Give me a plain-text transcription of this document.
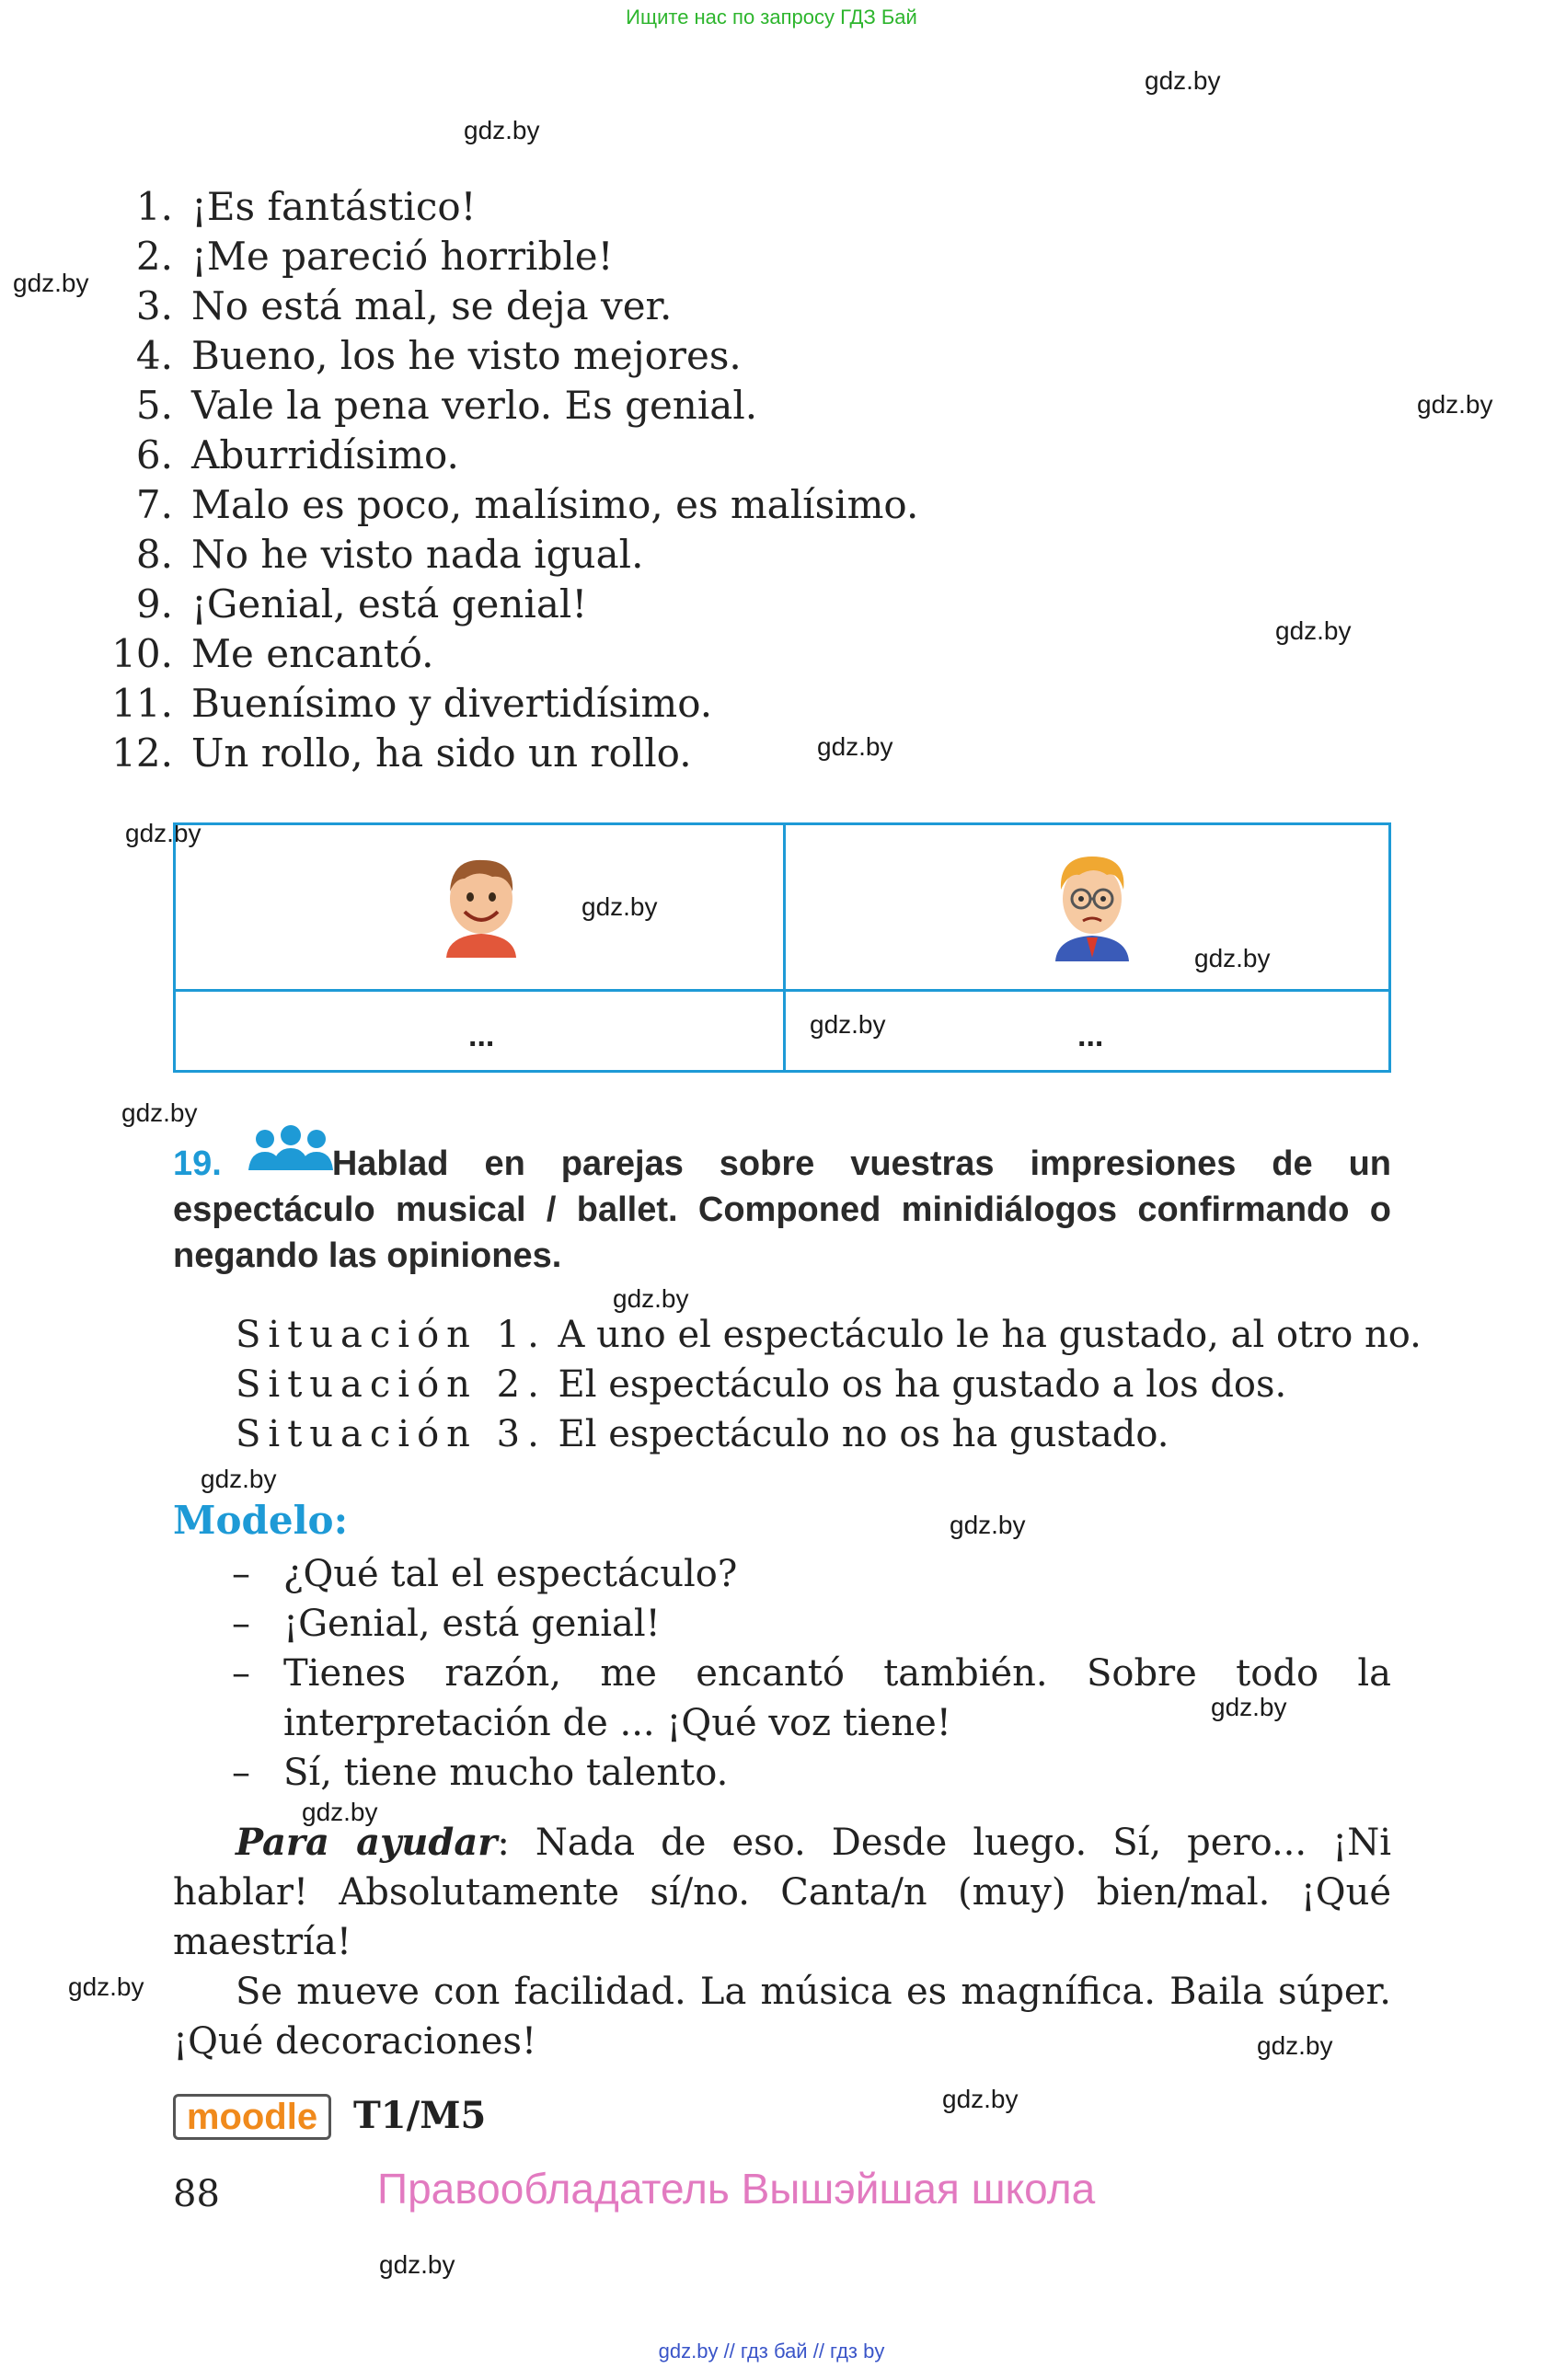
Ищите нас по запросу ГДЗ Бай
gdz.by
gdz.by
gdz.by
gdz.by
gdz.by
gdz.by
gdz.by
gdz.by
gdz.by
gdz.by
gdz.by
gdz.by
gdz.by
gdz.by
gdz.by
gdz.by
gdz.by
gdz.by
gdz.by
gdz.by
1. ¡Es fantástico!
2. ¡Me pareció horrible!
3. No está mal, se deja ver.
4. Bueno, los he visto mejores.
5. Vale la pena verlo. Es genial.
6. Aburridísimo.
7. Malo es poco, malísimo, es malísimo.
8. No he visto nada igual.
9. ¡Genial, está genial!
10. Me encantó.
11. Buenísimo y divertidísimo.
12. Un rollo, ha sido un rollo.
...	...
19.	Hablad en parejas sobre vuestras impresiones de un espectáculo musical / ballet. Componed minidiálogos confirmando o negando las opiniones.
Situación 1. A uno el espectáculo le ha gustado, al otro no.
Situación 2. El espectáculo os ha gustado a los dos.
Situación 3. El espectáculo no os ha gustado.
Modelo:
– ¿Qué tal el espectáculo?
– ¡Genial, está genial!
– Tienes razón, me encantó también. Sobre todo la interpretación de ... ¡Qué voz tiene!
– Sí, tiene mucho talento.
Para ayudar: Nada de eso. Desde luego. Sí, pero... ¡Ni hablar! Absolutamente sí/no. Canta/n (muy) bien/mal. ¡Qué maestría!
Se mueve con facilidad. La música es magnífica. Baila súper. ¡Qué decoraciones!
moodle T1/M5
88	Правообладатель Вышэйшая школа
gdz.by // гдз бай // гдз by
